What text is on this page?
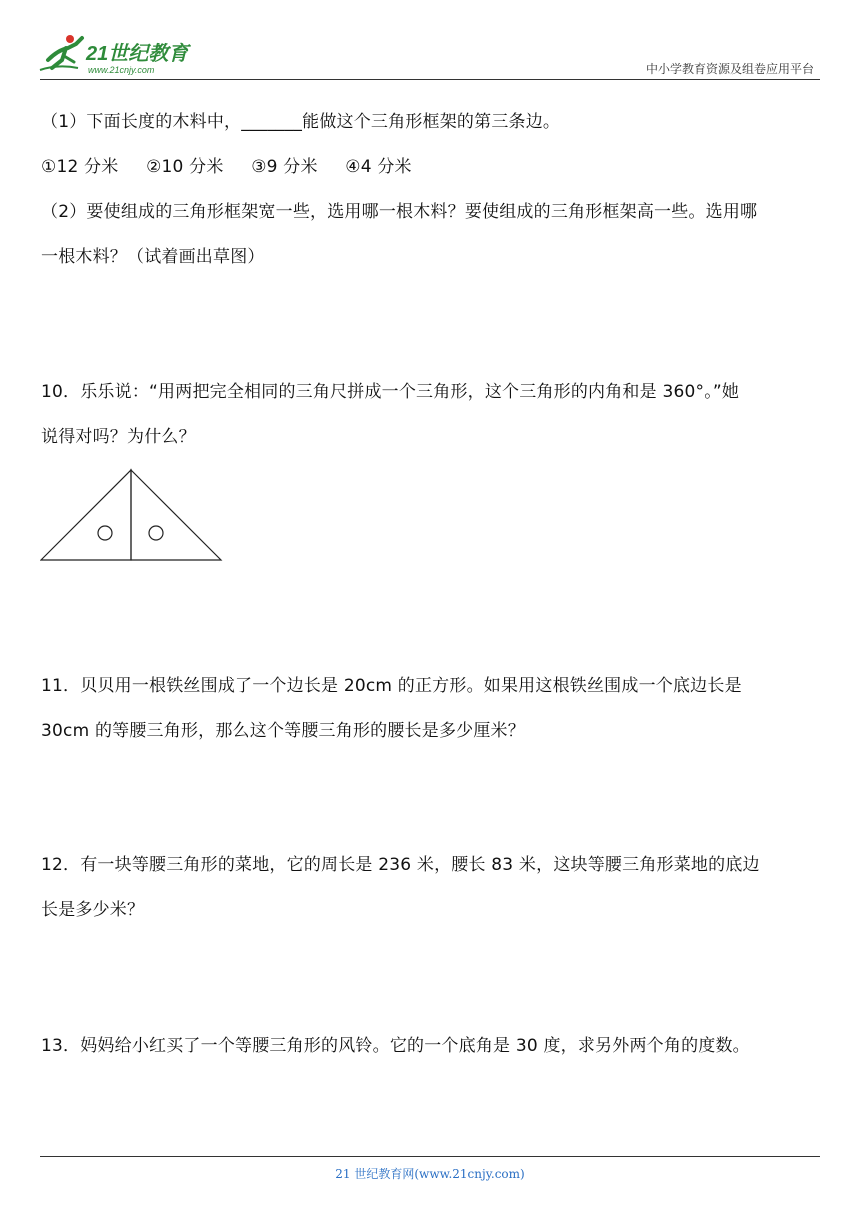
21世纪教育
www.21cnjy.com	中小学教育资源及组卷应用平台
（1）下面长度的木料中，_______能做这个三角形框架的第三条边。
①12 分米 ②10 分米 ③9 分米 ④4 分米
（2）要使组成的三角形框架宽一些，选用哪一根木料？要使组成的三角形框架高一些。选用哪
一根木料？（试着画出草图）
10．乐乐说：“用两把完全相同的三角尺拼成一个三角形，这个三角形的内角和是 360°。”她
说得对吗？为什么？
11．贝贝用一根铁丝围成了一个边长是 20cm 的正方形。如果用这根铁丝围成一个底边长是
30cm 的等腰三角形，那么这个等腰三角形的腰长是多少厘米？
12．有一块等腰三角形的菜地，它的周长是 236 米，腰长 83 米，这块等腰三角形菜地的底边
长是多少米？
13．妈妈给小红买了一个等腰三角形的风铃。它的一个底角是 30 度，求另外两个角的度数。
21 世纪教育网(www.21cnjy.com)
